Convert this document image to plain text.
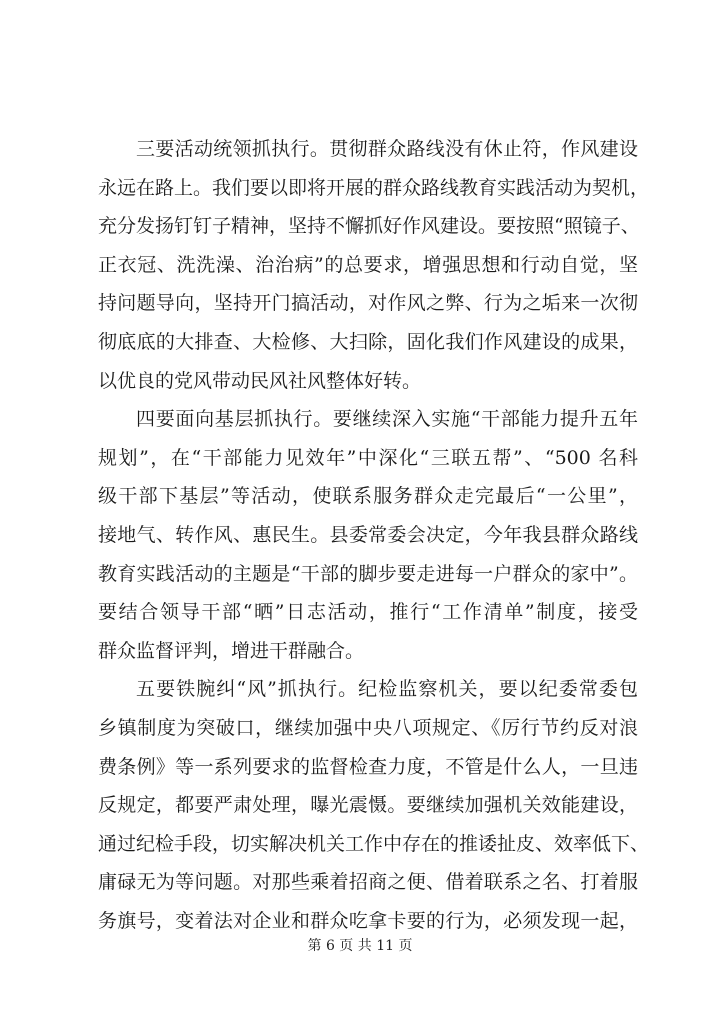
三要活动统领抓执行。贯彻群众路线没有休止符，作风建设
永远在路上。我们要以即将开展的群众路线教育实践活动为契机，
充分发扬钉钉子精神，坚持不懈抓好作风建设。要按照“照镜子、
正衣冠、洗洗澡、治治病”的总要求，增强思想和行动自觉，坚
持问题导向，坚持开门搞活动，对作风之弊、行为之垢来一次彻
彻底底的大排查、大检修、大扫除，固化我们作风建设的成果，
以优良的党风带动民风社风整体好转。
四要面向基层抓执行。要继续深入实施“干部能力提升五年
规划”，在“干部能力见效年”中深化“三联五帮”、“500 名科
级干部下基层”等活动，使联系服务群众走完最后“一公里”，
接地气、转作风、惠民生。县委常委会决定，今年我县群众路线
教育实践活动的主题是“干部的脚步要走进每一户群众的家中”。
要结合领导干部“晒”日志活动，推行“工作清单”制度，接受
群众监督评判，增进干群融合。
五要铁腕纠“风”抓执行。纪检监察机关，要以纪委常委包
乡镇制度为突破口，继续加强中央八项规定、《厉行节约反对浪
费条例》等一系列要求的监督检查力度，不管是什么人，一旦违
反规定，都要严肃处理，曝光震慑。要继续加强机关效能建设，
通过纪检手段，切实解决机关工作中存在的推诿扯皮、效率低下、
庸碌无为等问题。对那些乘着招商之便、借着联系之名、打着服
务旗号，变着法对企业和群众吃拿卡要的行为，必须发现一起，
第 6 页 共 11 页
